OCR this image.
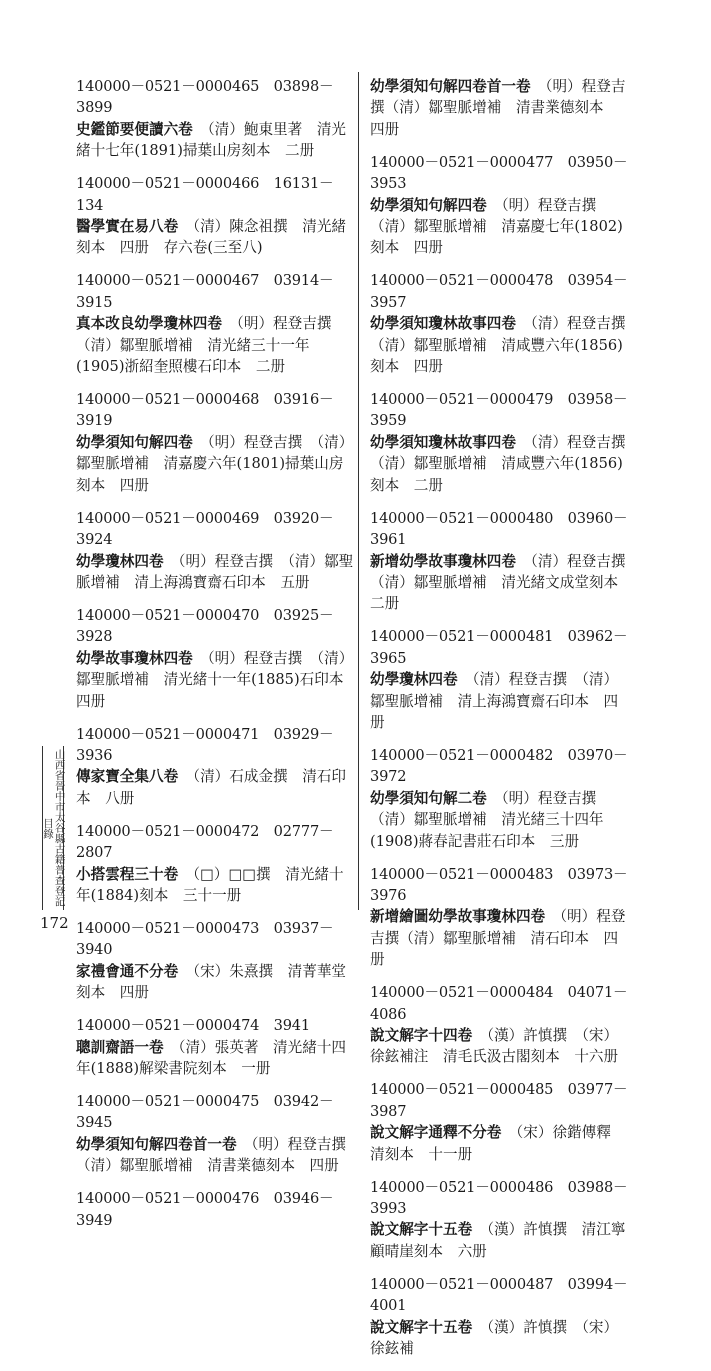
140000－0521－0000465　03898－3899
史鑑節要便讀六卷　 （清）鮑東里著　清光緒十七年(1891)掃葉山房刻本　二册
140000－0521－0000466　16131－134
醫學實在易八卷　 （清）陳念祖撰　清光緒刻本　四册　存六卷(三至八)
140000－0521－0000467　03914－3915
真本改良幼學瓊林四卷　 （明）程登吉撰（清）鄒聖脈增補　清光緒三十一年(1905)浙紹奎照樓石印本　二册
140000－0521－0000468　03916－3919
幼學須知句解四卷　 （明）程登吉撰　（清）鄒聖脈增補　清嘉慶六年(1801)掃葉山房刻本　四册
140000－0521－0000469　03920－3924
幼學瓊林四卷　 （明）程登吉撰　（清）鄒聖脈增補　清上海鴻寶齋石印本　五册
140000－0521－0000470　03925－3928
幼學故事瓊林四卷　 （明）程登吉撰　（清）鄒聖脈增補　清光緒十一年(1885)石印本　四册
140000－0521－0000471　03929－3936
傳家寶全集八卷　 （清）石成金撰　清石印本　八册
140000－0521－0000472　02777－2807
小搭雲程三十卷　 （□）□□撰　清光緒十年(1884)刻本　三十一册
140000－0521－0000473　03937－3940
家禮會通不分卷　 （宋）朱熹撰　清菁華堂刻本　四册
140000－0521－0000474　3941
聰訓齋語一卷　 （清）張英著　清光緒十四年(1888)解梁書院刻本　一册
140000－0521－0000475　03942－3945
幼學須知句解四卷首一卷　 （明）程登吉撰（清）鄒聖脈增補　清書業德刻本　四册
140000－0521－0000476　03946－3949
幼學須知句解四卷首一卷　 （明）程登吉撰（清）鄒聖脈增補　清書業德刻本　四册
140000－0521－0000477　03950－3953
幼學須知句解四卷　 （明）程登吉撰　（清）鄒聖脈增補　清嘉慶七年(1802)刻本　四册
140000－0521－0000478　03954－3957
幼學須知瓊林故事四卷　 （清）程登吉撰（清）鄒聖脈增補　清咸豐六年(1856)刻本　四册
140000－0521－0000479　03958－3959
幼學須知瓊林故事四卷　 （清）程登吉撰（清）鄒聖脈增補　清咸豐六年(1856)刻本　二册
140000－0521－0000480　03960－3961
新增幼學故事瓊林四卷　 （清）程登吉撰（清）鄒聖脈增補　清光緒文成堂刻本　二册
140000－0521－0000481　03962－3965
幼學瓊林四卷　 （清）程登吉撰　（清）鄒聖脈增補　清上海鴻寶齋石印本　四册
140000－0521－0000482　03970－3972
幼學須知句解二卷　 （明）程登吉撰　（清）鄒聖脈增補　清光緒三十四年(1908)蔣春記書莊石印本　三册
140000－0521－0000483　03973－3976
新增繪圖幼學故事瓊林四卷　 （明）程登吉撰（清）鄒聖脈增補　清石印本　四册
140000－0521－0000484　04071－4086
說文解字十四卷　 （漢）許慎撰　（宋）徐鉉補注　清毛氏汲古閣刻本　十六册
140000－0521－0000485　03977－3987
說文解字通釋不分卷　 （宋）徐鍇傳釋　清刻本　十一册
140000－0521－0000486　03988－3993
說文解字十五卷　 （漢）許慎撰　清江寧顧晴崖刻本　六册
140000－0521－0000487　03994－4001
說文解字十五卷　 （漢）許慎撰　（宋）徐鉉補
山西省晉中市太谷縣古籍普查登記目錄
172
